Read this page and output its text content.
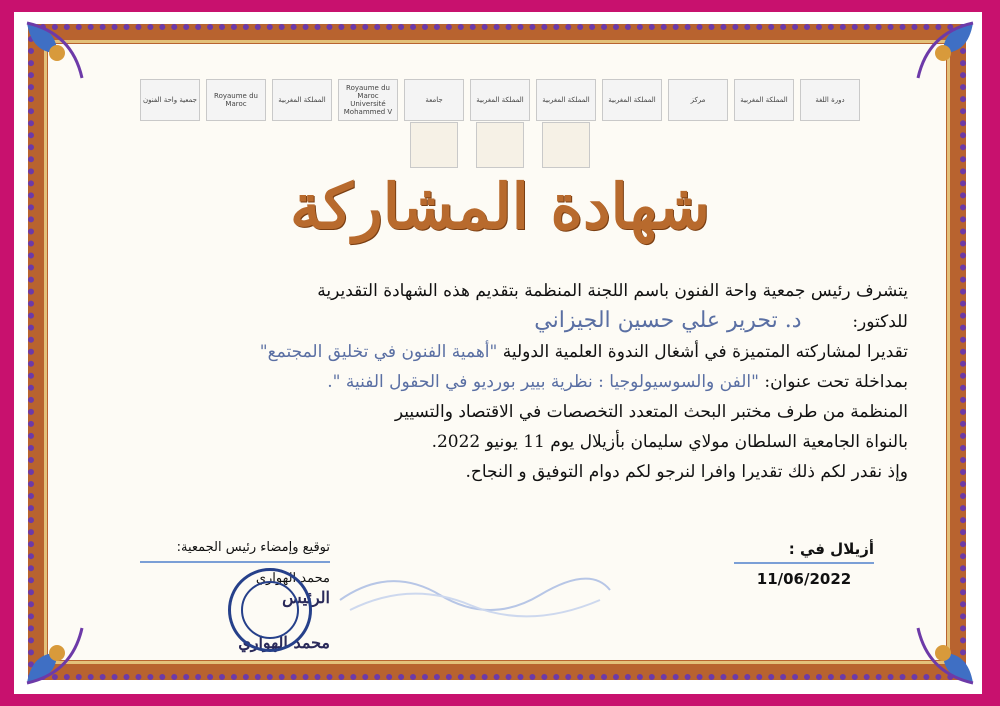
جمعية واحة الفنون	Royaume du Maroc	المملكة المغربية
Royaume du Maroc Université Mohammed V
جامعة	المملكة المغربية	المملكة المغربية	المملكة المغربية	مركز	المملكة المغربية	دورة اللغة
شهادة المشاركة
يتشرف رئيس جمعية واحة الفنون باسم اللجنة المنظمة بتقديم هذه الشهادة التقديرية
للدكتور:  د. تحرير علي حسين الجيزاني
تقديرا لمشاركته المتميزة في أشغال الندوة العلمية الدولية "أهمية الفنون في تخليق المجتمع"
بمداخلة تحت عنوان: "الفن والسوسيولوجيا : نظرية بيير بورديو في الحقول الفنية ".
المنظمة من طرف مختبر البحث المتعدد التخصصات في الاقتصاد والتسيير
بالنواة الجامعية السلطان مولاي سليمان بأزيلال يوم 11 يونيو 2022.
وإذ نقدر لكم ذلك تقديرا وافرا لنرجو لكم دوام التوفيق و النجاح.
توقيع وإمضاء رئيس الجمعية:
محمد الهواري
الرئيس
محمد الهواري
أزيلال في :
11/06/2022
